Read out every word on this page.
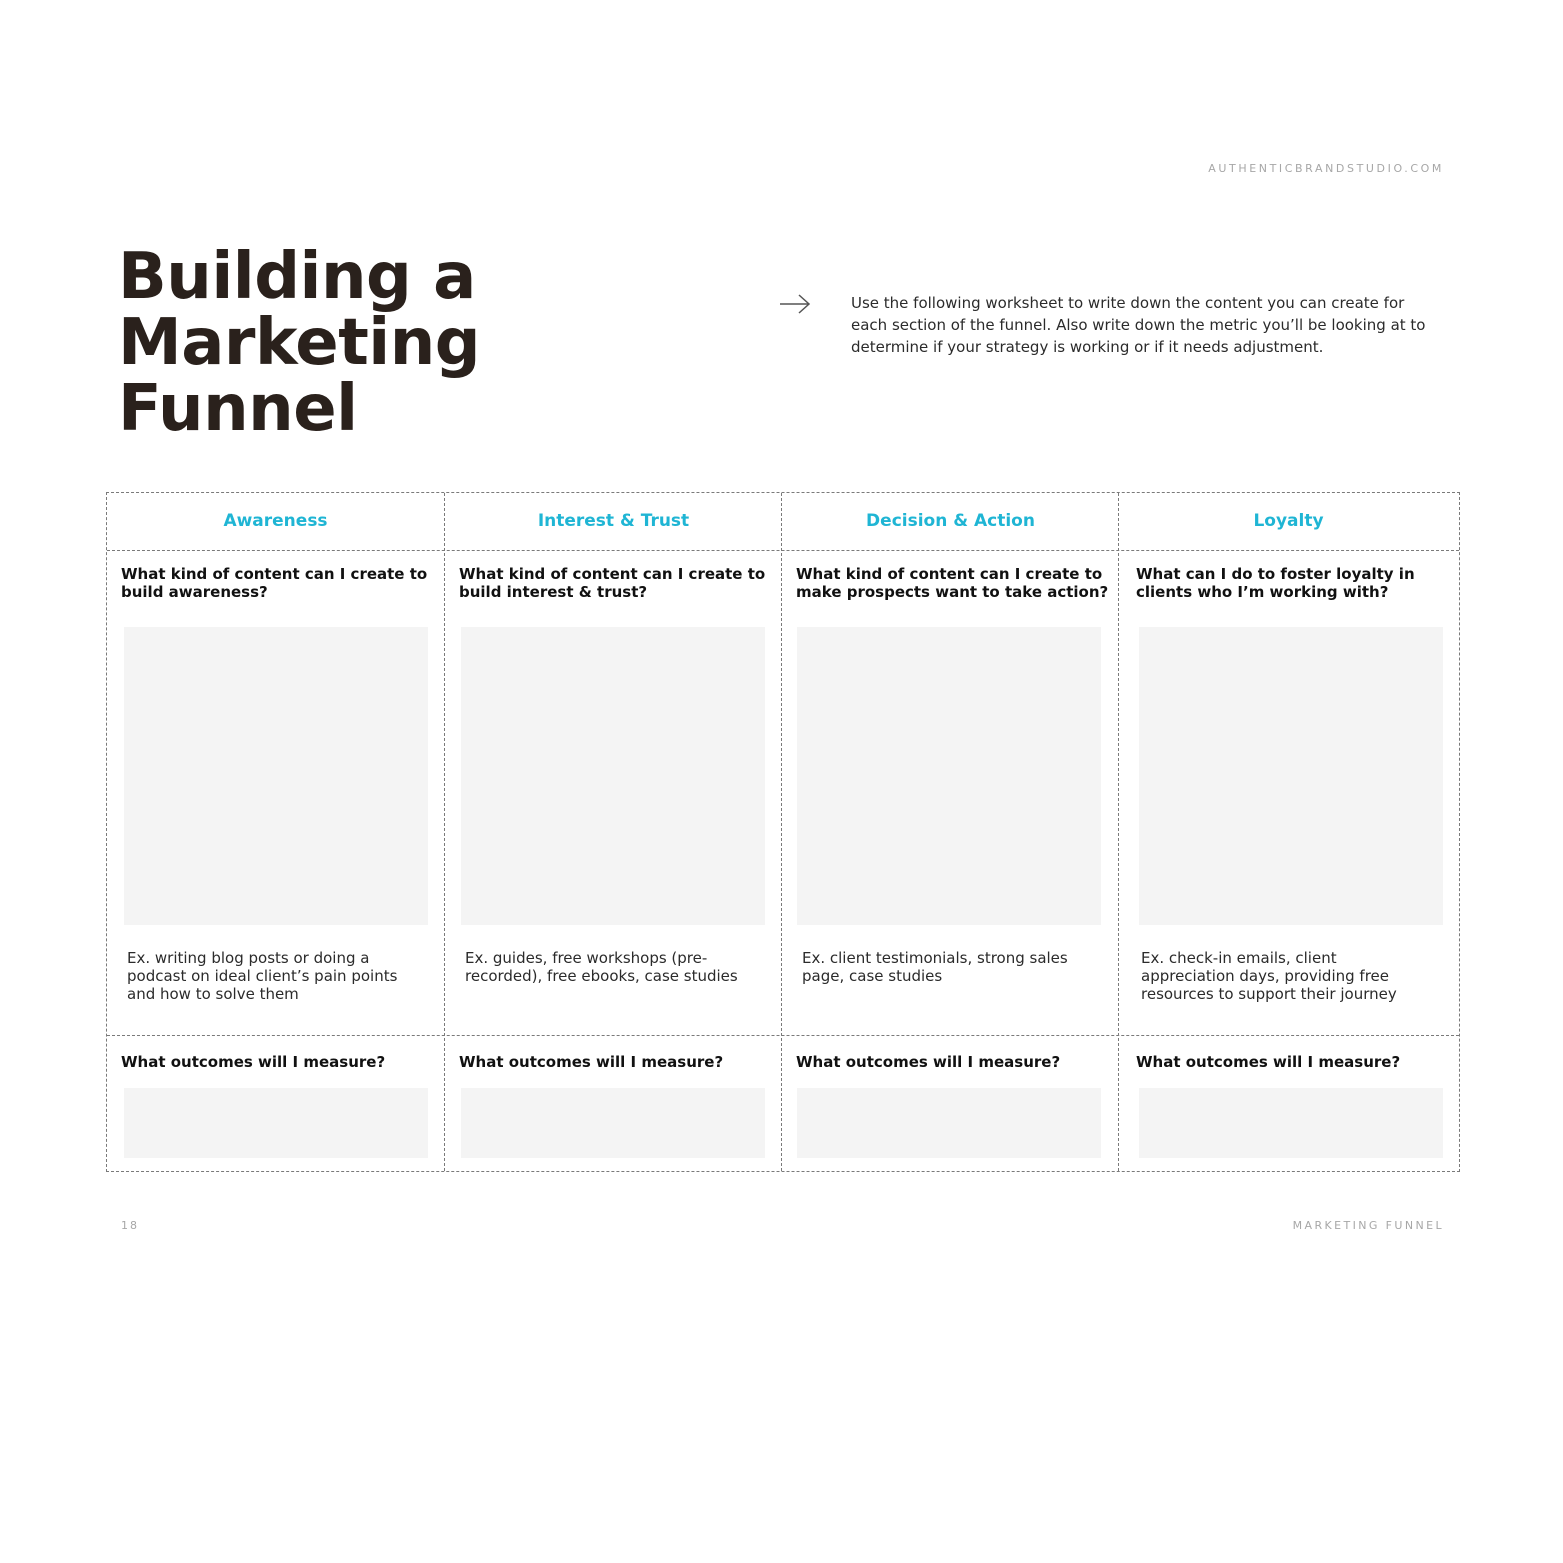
AUTHENTICBRANDSTUDIO.COM
Building a
Marketing
Funnel
Use the following worksheet to write down the content you can create for
each section of the funnel. Also write down the metric you’ll be looking at to
determine if your strategy is working or if it needs adjustment.
Awareness
What kind of content can I create to
build awareness?
Ex. writing blog posts or doing a
podcast on ideal client’s pain points
and how to solve them
What outcomes will I measure?
Interest & Trust
What kind of content can I create to
build interest & trust?
Ex. guides, free workshops (pre-
recorded), free ebooks, case studies
What outcomes will I measure?
Decision & Action
What kind of content can I create to
make prospects want to take action?
Ex. client testimonials, strong sales
page, case studies
What outcomes will I measure?
Loyalty
What can I do to foster loyalty in
clients who I’m working with?
Ex. check-in emails, client
appreciation days, providing free
resources to support their journey
What outcomes will I measure?
18	MARKETING FUNNEL
